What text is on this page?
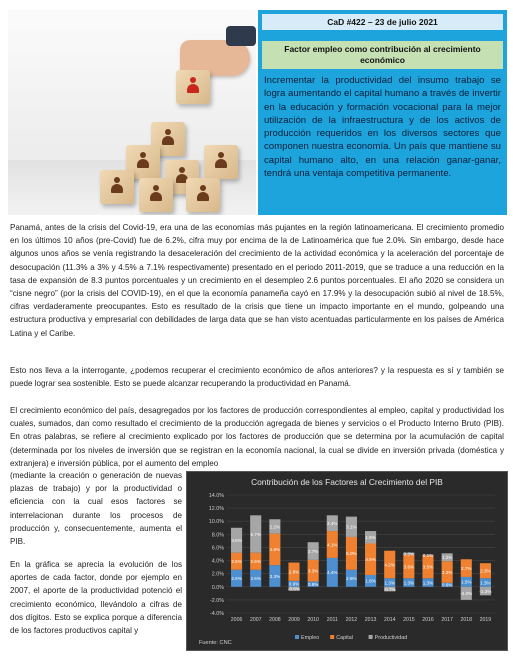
CaD #422 – 23 de julio 2021
Factor empleo como contribución al crecimiento económico
Incrementar la productividad del insumo trabajo se logra aumentando el capital humano a través de invertir en la educación y formación vocacional para la mejor utilización de la infraestructura y de los activos de producción requeridos en los diversos sectores que componen nuestra economía. Un país que mantiene su capital humano alto, en una relación ganar-ganar, tendrá una ventaja competitiva permanente.

Panamá, antes de la crisis del Covid-19, era una de las economías más pujantes en la región latinoamericana. El crecimiento promedio en los últimos 10 años (pre-Covid) fue de 6.2%, cifra muy por encima de la de Latinoamérica que fue 2.0%. Sin embargo, desde hace algunos unos años se venía registrando la desaceleración del crecimiento de la actividad económica y la aceleración del porcentaje de desocupación (11.3% a 3% y 4.5% a 7.1% respectivamente) presentado en el periodo 2011-2019, que se traduce a una reducción en la tasa de expansión de 8.3 puntos porcentuales y un crecimiento en el desempleo 2.6 puntos porcentuales. El año 2020 se considera un “cisne negro” (por la crisis del COVID-19), en el que la economía panameña cayó en 17.9% y la desocupación subió al nivel de 18.5%, cifras verdaderamente preocupantes. Esto es resultado de la crisis que tiene un impacto importante en el mundo, golpeando una estructura productiva y empresarial con debilidades de larga data que se han visto acentuadas particularmente en los países de América Latina y el Caribe.

Esto nos lleva a la interrogante, ¿podemos recuperar el crecimiento económico de años anteriores? y la respuesta es sí y también se puede lograr sea sostenible. Esto se puede alcanzar recuperando la productividad en Panamá.

El crecimiento económico del país, desagregados por los factores de producción correspondientes al empleo, capital y productividad los cuales, sumados, dan como resultado el crecimiento de la producción agregada de bienes y servicios o el Producto Interno Bruto (PIB). En otras palabras, se refiere al crecimiento explicado por los factores de producción que se determina por la acumulación de capital (determinada por los niveles de inversión que se registran en la economía nacional, la cual se divide en inversión privada (doméstica y extranjera) e inversión pública, por el aumento del empleo

(mediante la creación o generación de nuevas plazas de trabajo) y por la productividad o eficiencia con la cual esos factores se interrelacionan durante los procesos de producción y, consecuentemente, aumenta el PIB.

En la gráfica se aprecia la evolución de los aportes de cada factor, donde por ejemplo en 2007, el aporte de la productividad potenció el crecimiento económico, llevándolo a cifras de dos dígitos. Esto se explica porque a diferencia de los factores productivos capital y

Contribución de los Factores al Crecimiento del PIB
-4.0%
-2.0%
0.0%
2.0%
4.0%
6.0%
8.0%
10.0%
12.0%
14.0%
2.6%
2.6%
3.8%
2.6%
2.6%
5.7%
3.3%
4.8%
2.2%
0.9%
2.8%
-0.6%
0.8%
3.3%
2.7%
4.4%
4.1%
2.4%
2.6%
5.0%
3.1%
1.8%
4.8%
1.9%
1.3%
4.2%
-0.7%
1.3%
3.6%
0.3%
1.3%
3.5%
0.1%
0.6%
3.3%
1.2%
1.5%
2.7%
-2.0%
1.3%
2.3%
-1.3%
2006 2007 2008 2009 2010 2011 2012 2013 2014 2015 2016 2017 2018 2019
Empleo	Capital	Productividad
Fuente: CNC
